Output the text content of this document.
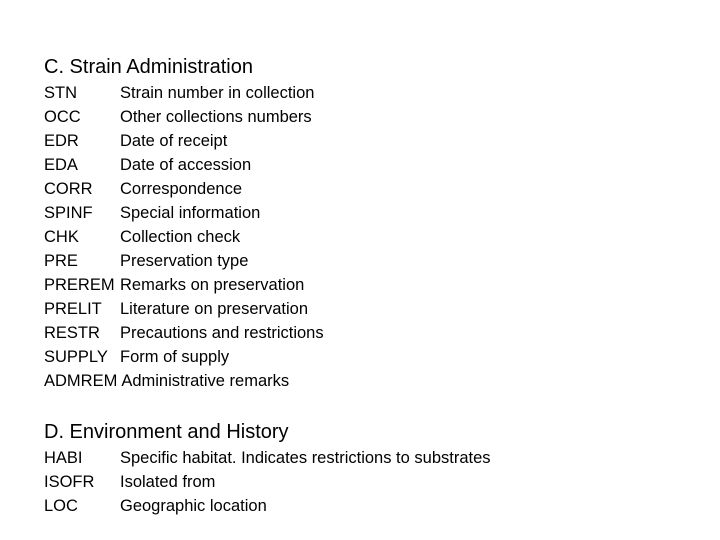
C. Strain Administration
STN	Strain number in collection
OCC	Other collections numbers
EDR	Date of receipt
EDA	Date of accession
CORR	Correspondence
SPINF	Special information
CHK	Collection check
PRE	Preservation type
PREREM Remarks on preservation
PRELIT	Literature on preservation
RESTR	Precautions and restrictions
SUPPLY Form of supply
ADMREM Administrative remarks
D. Environment and History
HABI	Specific habitat. Indicates restrictions to substrates
ISOFR	Isolated from
LOC	Geographic location
